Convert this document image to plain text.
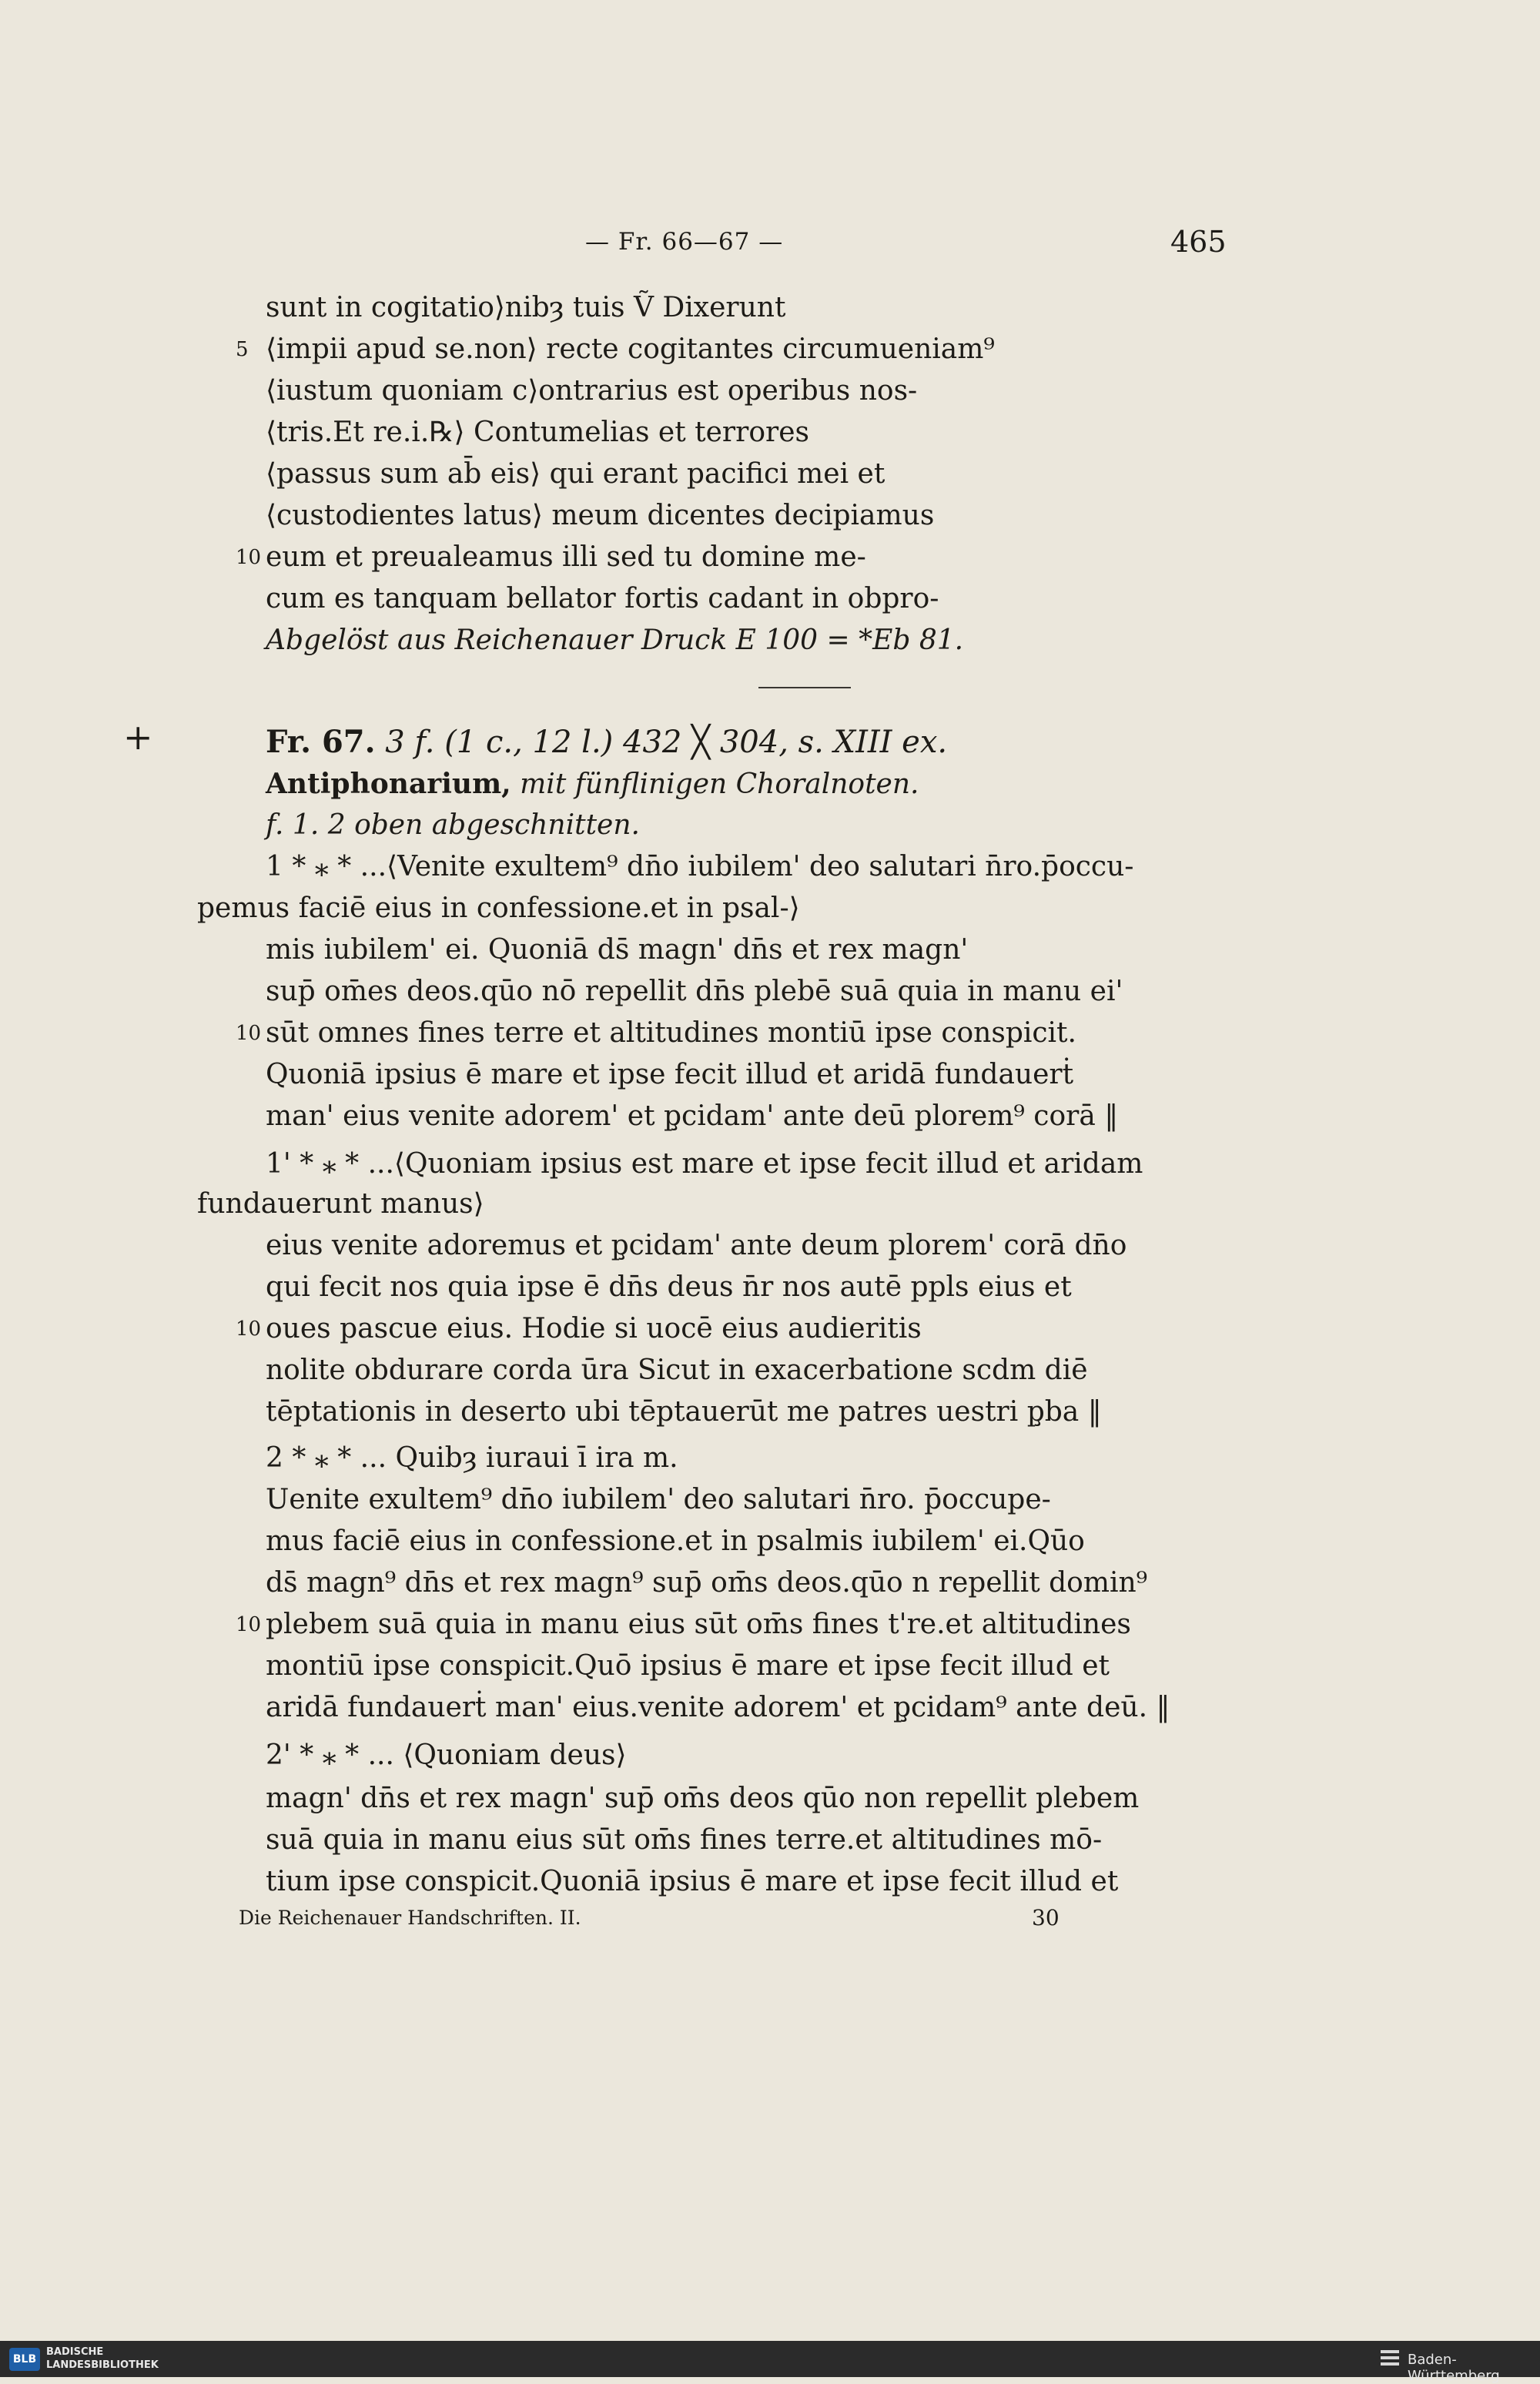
— Fr. 66—67 —	465
sunt in cogitatio⟩nibȝ tuis Ṽ Dixerunt
5 ⟨impii apud se.non⟩ recte cogitantes circumueniam⁹
⟨iustum quoniam c⟩ontrarius est operibus nos-
⟨tris.Et re.i.℞⟩ Contumelias et terrores
⟨passus sum ab̄ eis⟩ qui erant pacifici mei et
⟨custodientes latus⟩ meum dicentes decipiamus
10 eum et preualeamus illi sed tu domine me-
cum es tanquam bellator fortis cadant in obpro-
Abgelöst aus Reichenauer Druck E 100 = *Eb 81.
+	Fr. 67. 3 f. (1 c., 12 l.) 432 ╳ 304, s. XIII ex.
Antiphonarium, mit fünflinigen Choralnoten.
f. 1. 2 oben abgeschnitten.
1 * ⁎ * ...⟨Venite exultem⁹ dn̄o iubilem' deo salutari n̄ro.p̄occu-
pemus faciē eius in confessione.et in psal-⟩
mis iubilem' ei. Quoniā ds̄ magn' dn̄s et rex magn'
sup̄ om̄es deos.qūo nō repellit dn̄s plebē suā quia in manu ei'
10 sūt omnes fines terre et altitudines montiū ipse conspicit.
Quoniā ipsius ē mare et ipse fecit illud et aridā fundauerṫ
man' eius venite adorem' et p̧cidam' ante deū plorem⁹ corā ‖
1' * ⁎ * ...⟨Quoniam ipsius est mare et ipse fecit illud et aridam
fundauerunt manus⟩
eius venite adoremus et p̧cidam' ante deum plorem' corā dn̄o
qui fecit nos quia ipse ē dn̄s deus n̄r nos autē ppls eius et
10 oues pascue eius. Hodie si uocē eius audieritis
nolite obdurare corda ūra Sicut in exacerbatione scdm diē
tēptationis in deserto ubi tēptauerūt me patres uestri p̧ba ‖
2 * ⁎ * ... Quibȝ iuraui ī ira m.
Uenite exultem⁹ dn̄o iubilem' deo salutari n̄ro. p̄occupe-
mus faciē eius in confessione.et in psalmis iubilem' ei.Qūo
ds̄ magn⁹ dn̄s et rex magn⁹ sup̄ om̄s deos.qūo n repellit domin⁹
10 plebem suā quia in manu eius sūt om̄s fines t're.et altitudines
montiū ipse conspicit.Quō ipsius ē mare et ipse fecit illud et
aridā fundauerṫ man' eius.venite adorem' et p̧cidam⁹ ante deū. ‖
2' * ⁎ * ... ⟨Quoniam deus⟩
magn' dn̄s et rex magn' sup̄ om̄s deos qūo non repellit plebem
suā quia in manu eius sūt om̄s fines terre.et altitudines mō-
tium ipse conspicit.Quoniā ipsius ē mare et ipse fecit illud et
Die Reichenauer Handschriften. II.	30
BLB
BADISCHE
LANDESBIBLIOTHEK	Baden-Württemberg
